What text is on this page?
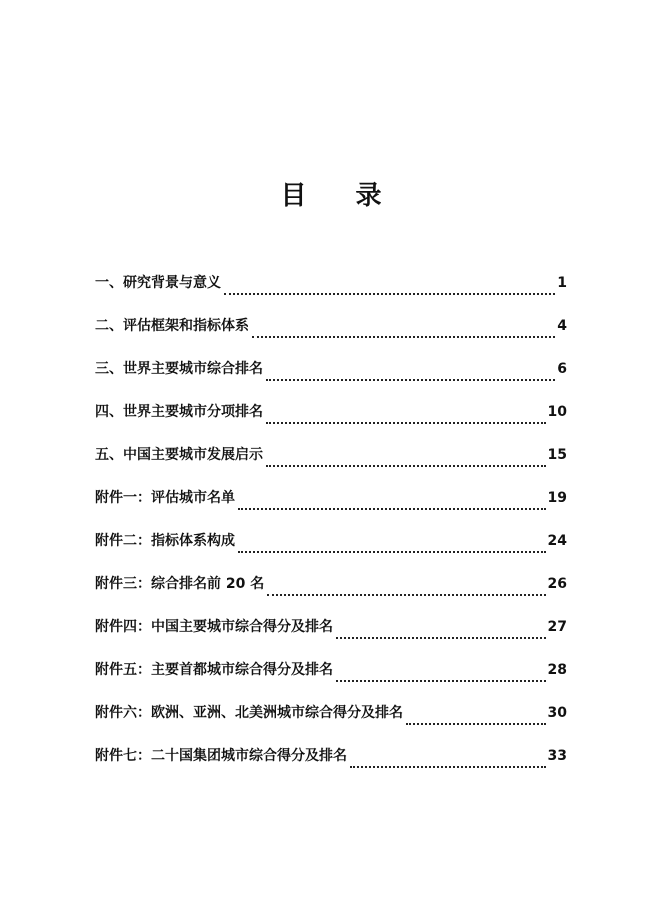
目 录
一、研究背景与意义	1
二、评估框架和指标体系	4
三、世界主要城市综合排名	6
四、世界主要城市分项排名	10
五、中国主要城市发展启示	15
附件一：评估城市名单	19
附件二：指标体系构成	24
附件三：综合排名前 20 名	26
附件四：中国主要城市综合得分及排名	27
附件五：主要首都城市综合得分及排名	28
附件六：欧洲、亚洲、北美洲城市综合得分及排名	30
附件七：二十国集团城市综合得分及排名	33
